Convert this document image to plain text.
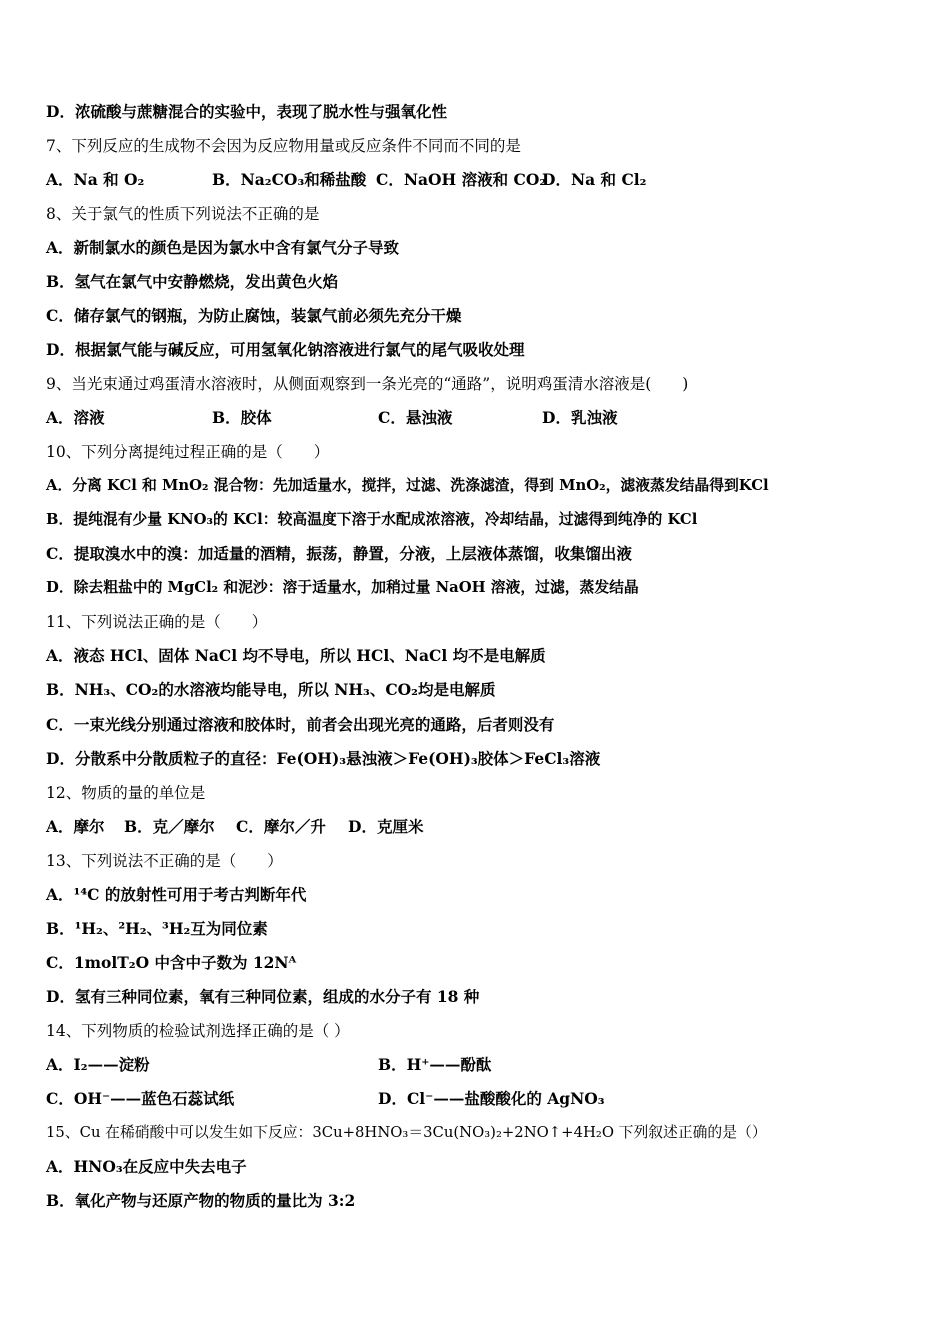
D．浓硫酸与蔗糖混合的实验中，表现了脱水性与强氧化性
7、下列反应的生成物不会因为反应物用量或反应条件不同而不同的是
A．Na 和 O₂	B．Na₂CO₃和稀盐酸 C．NaOH 溶液和 CO₂
D．Na 和 Cl₂
8、关于氯气的性质下列说法不正确的是
A．新制氯水的颜色是因为氯水中含有氯气分子导致
B．氢气在氯气中安静燃烧，发出黄色火焰
C．储存氯气的钢瓶，为防止腐蚀，装氯气前必须先充分干燥
D．根据氯气能与碱反应，可用氢氧化钠溶液进行氯气的尾气吸收处理
9、当光束通过鸡蛋清水溶液时，从侧面观察到一条光亮的“通路”，说明鸡蛋清水溶液是(　　)
A．溶液	B．胶体	C．悬浊液	D．乳浊液
10、下列分离提纯过程正确的是（　　）
A．分离 KCl 和 MnO₂ 混合物：先加适量水，搅拌，过滤、洗涤滤渣，得到 MnO₂，滤液蒸发结晶得到KCl
B．提纯混有少量 KNO₃的 KCl：较高温度下溶于水配成浓溶液，冷却结晶，过滤得到纯净的 KCl
C．提取溴水中的溴：加适量的酒精，振荡，静置，分液，上层液体蒸馏，收集馏出液
D．除去粗盐中的 MgCl₂ 和泥沙：溶于适量水，加稍过量 NaOH 溶液，过滤，蒸发结晶
11、下列说法正确的是（　　）
A．液态 HCl、固体 NaCl 均不导电，所以 HCl、NaCl 均不是电解质
B．NH₃、CO₂的水溶液均能导电，所以 NH₃、CO₂均是电解质
C．一束光线分别通过溶液和胶体时，前者会出现光亮的通路，后者则没有
D．分散系中分散质粒子的直径：Fe(OH)₃悬浊液＞Fe(OH)₃胶体＞FeCl₃溶液
12、物质的量的单位是
A．摩尔 B．克／摩尔 C．摩尔／升 D．克厘米
13、下列说法不正确的是（　　）
A．¹⁴C 的放射性可用于考古判断年代
B．¹H₂、²H₂、³H₂互为同位素
C．1molT₂O 中含中子数为 12Nᴬ
D．氢有三种同位素，氧有三种同位素，组成的水分子有 18 种
14、下列物质的检验试剂选择正确的是（ ）
A．I₂——淀粉	B．H⁺——酚酞
C．OH⁻——蓝色石蕊试纸	D．Cl⁻——盐酸酸化的 AgNO₃
15、Cu 在稀硝酸中可以发生如下反应：3Cu+8HNO₃＝3Cu(NO₃)₂+2NO↑+4H₂O 下列叙述正确的是（）
A．HNO₃在反应中失去电子
B．氧化产物与还原产物的物质的量比为 3:2
